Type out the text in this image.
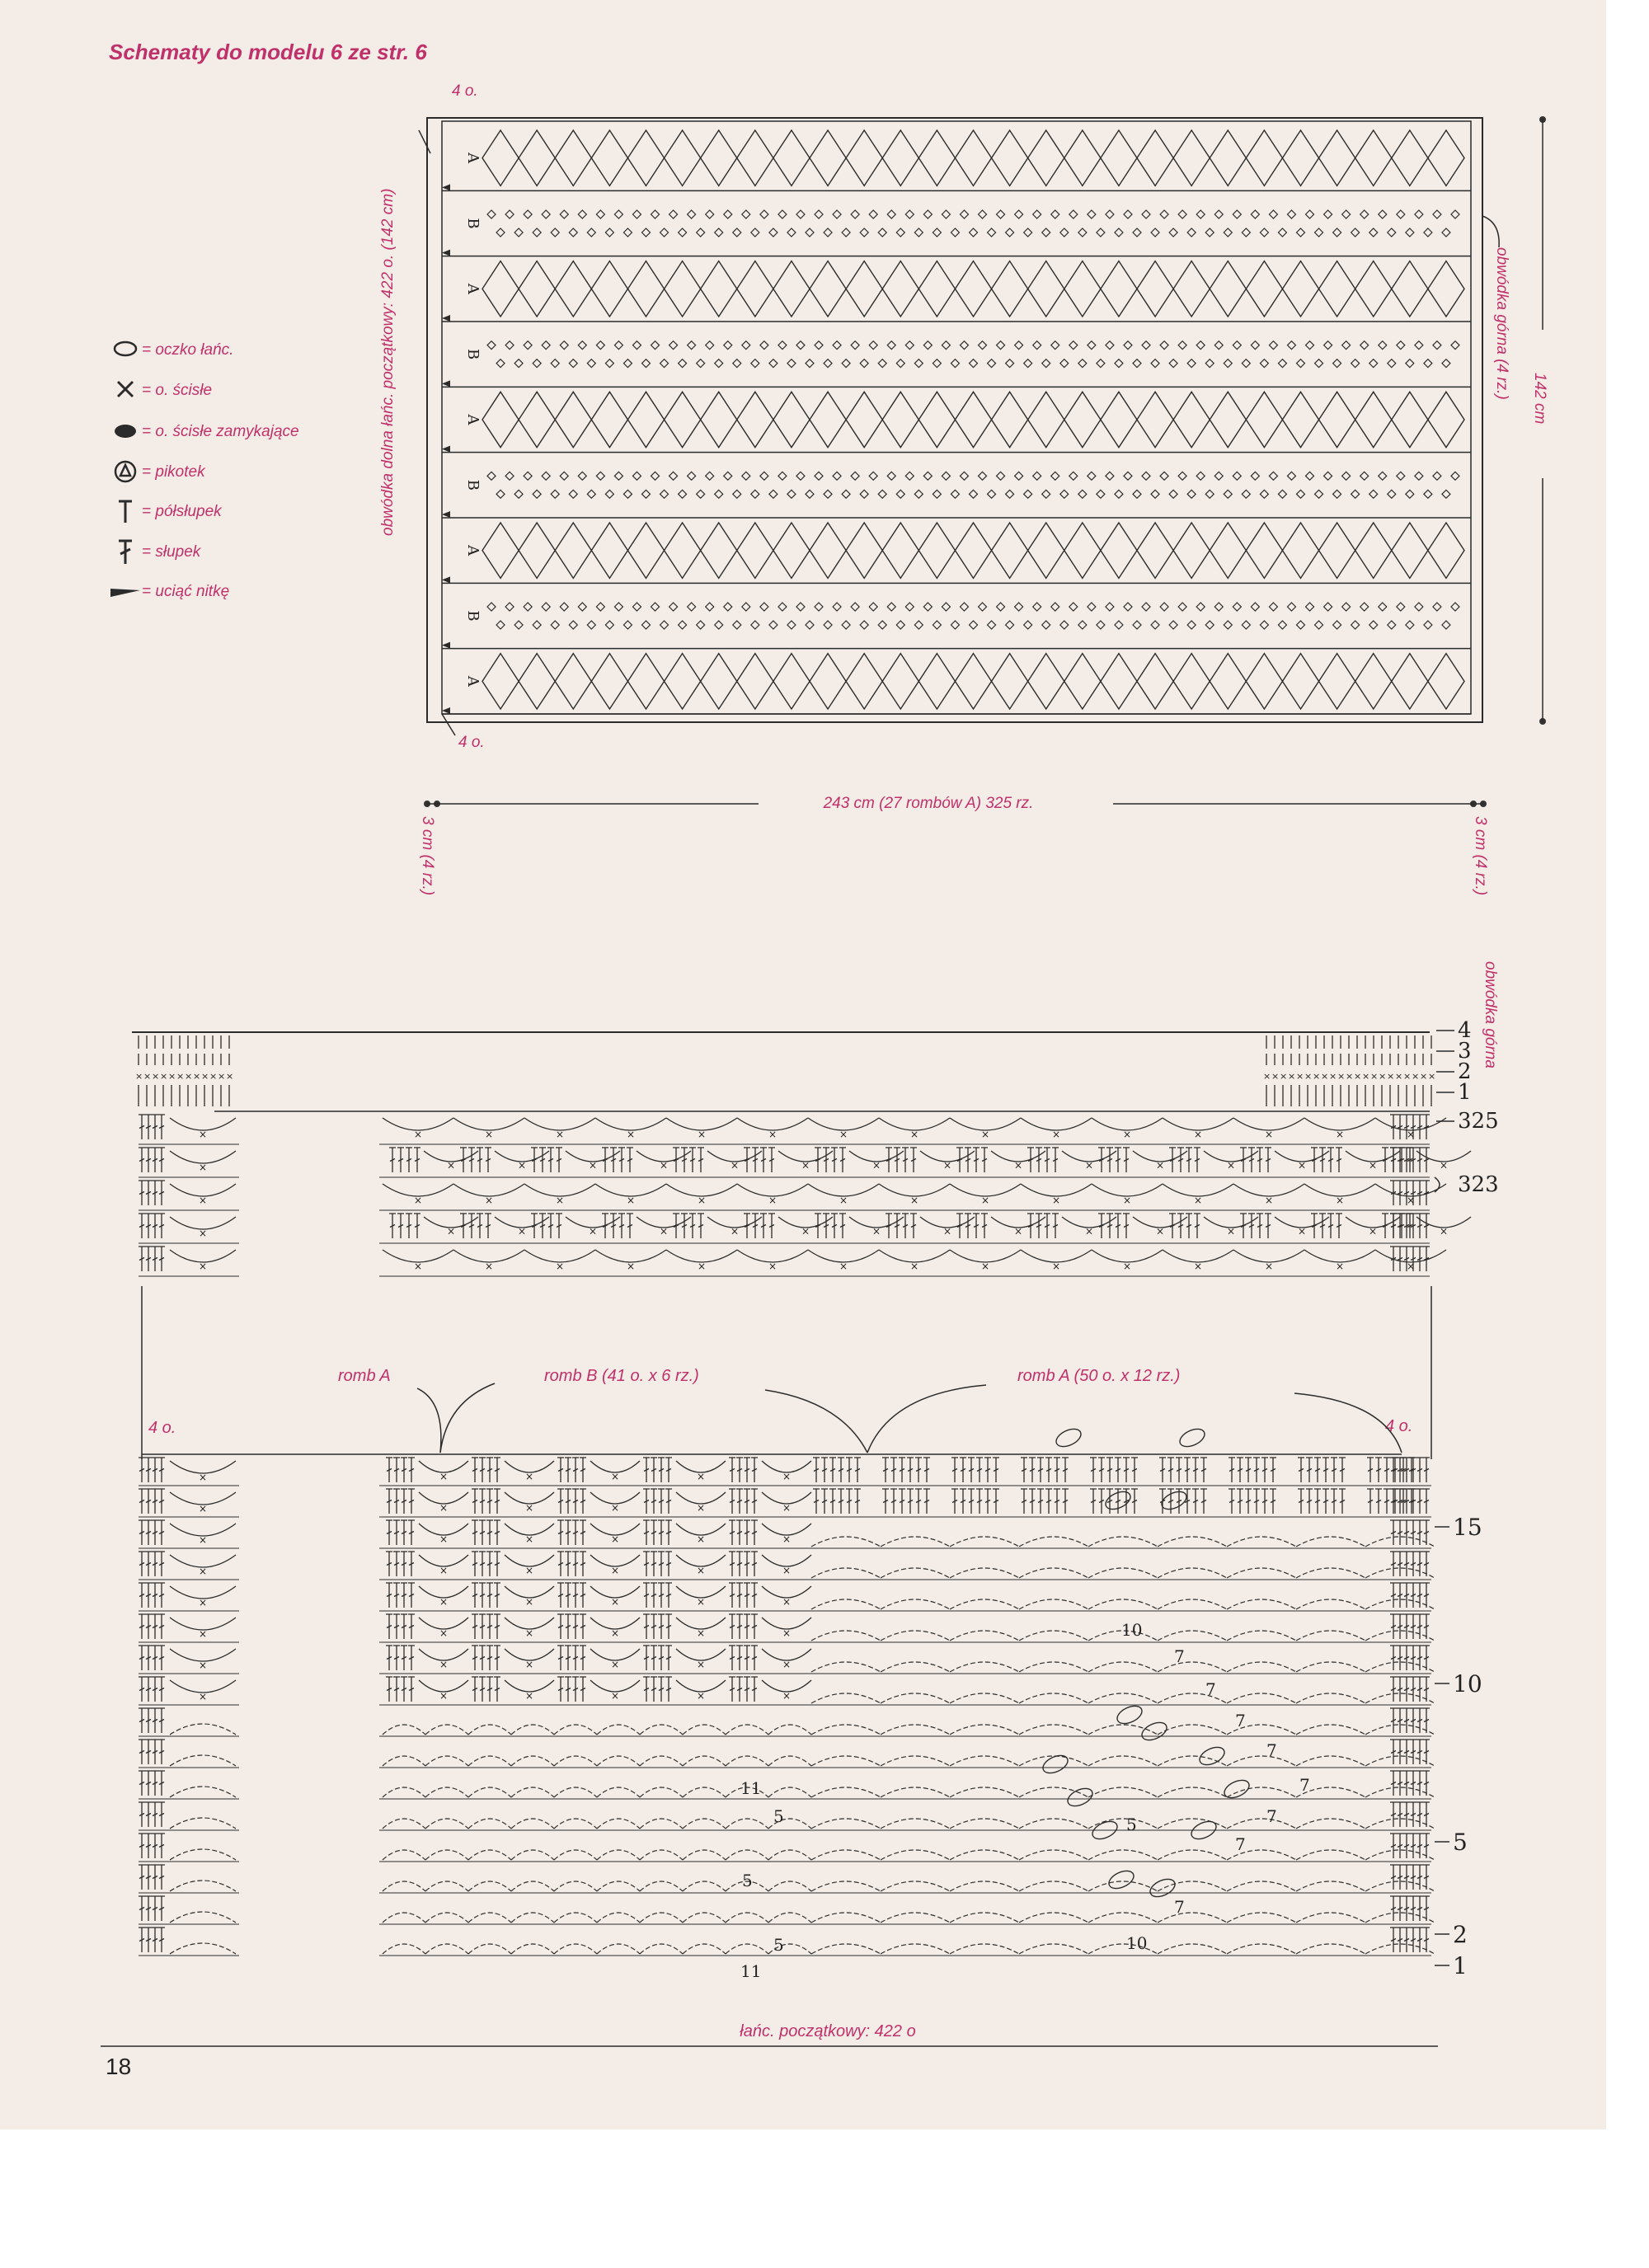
Schematy do modelu 6 ze str. 6
= oczko łańc.
= o. ścisłe
= o. ścisłe zamykające
= pikotek
= półsłupek
= słupek
= uciąć nitkę
4 o.
4 o.
A
B
A
B
A
B
A
B
A
obwódka dolna łańc. początkowy: 422 o. (142 cm)	obwódka górna (4 rz.) 142 cm
243 cm (27 rombów A) 325 rz.
3 cm (4 rz.)	3 cm (4 rz.)
obwódka górna
× × × × × × × × × × × ×	× × × × × × × × × × × × × × × × × × × × ×
×	×	×	×	×	×	×	×	×	×	×	×	×	×	×	×
×	×	×	×	×	×	×	×	×	×	×	×	×	×	×	×
×	×	×	×	×	×	×	×	×	×	×	×	×	×	×	×
×	×	×	×	×	×	×	×	×	×	×	×	×	×	×	×
×	×	×	×	×	×	×	×	×	×	×	×	×	×	×	×
4
3
2
1
325
323
romb A	romb B (41 o. x 6 rz.)	romb A (50 o. x 12 rz.)
4 o.	4 o.
×	×	×	×	×	×
×	×	×	×	×	×
×	×	×	×	×	×
×	×	×	×	×	×
×	×	×	×	×	×
×	×	×	×	×	×
×	×	×	×	×	×
×	×	×	×	×	×
11
5
5
5
11
10
7
7
7
7
7
7
7
5
7
10
15
10
5
2
1
łańc. początkowy: 422 o
18
